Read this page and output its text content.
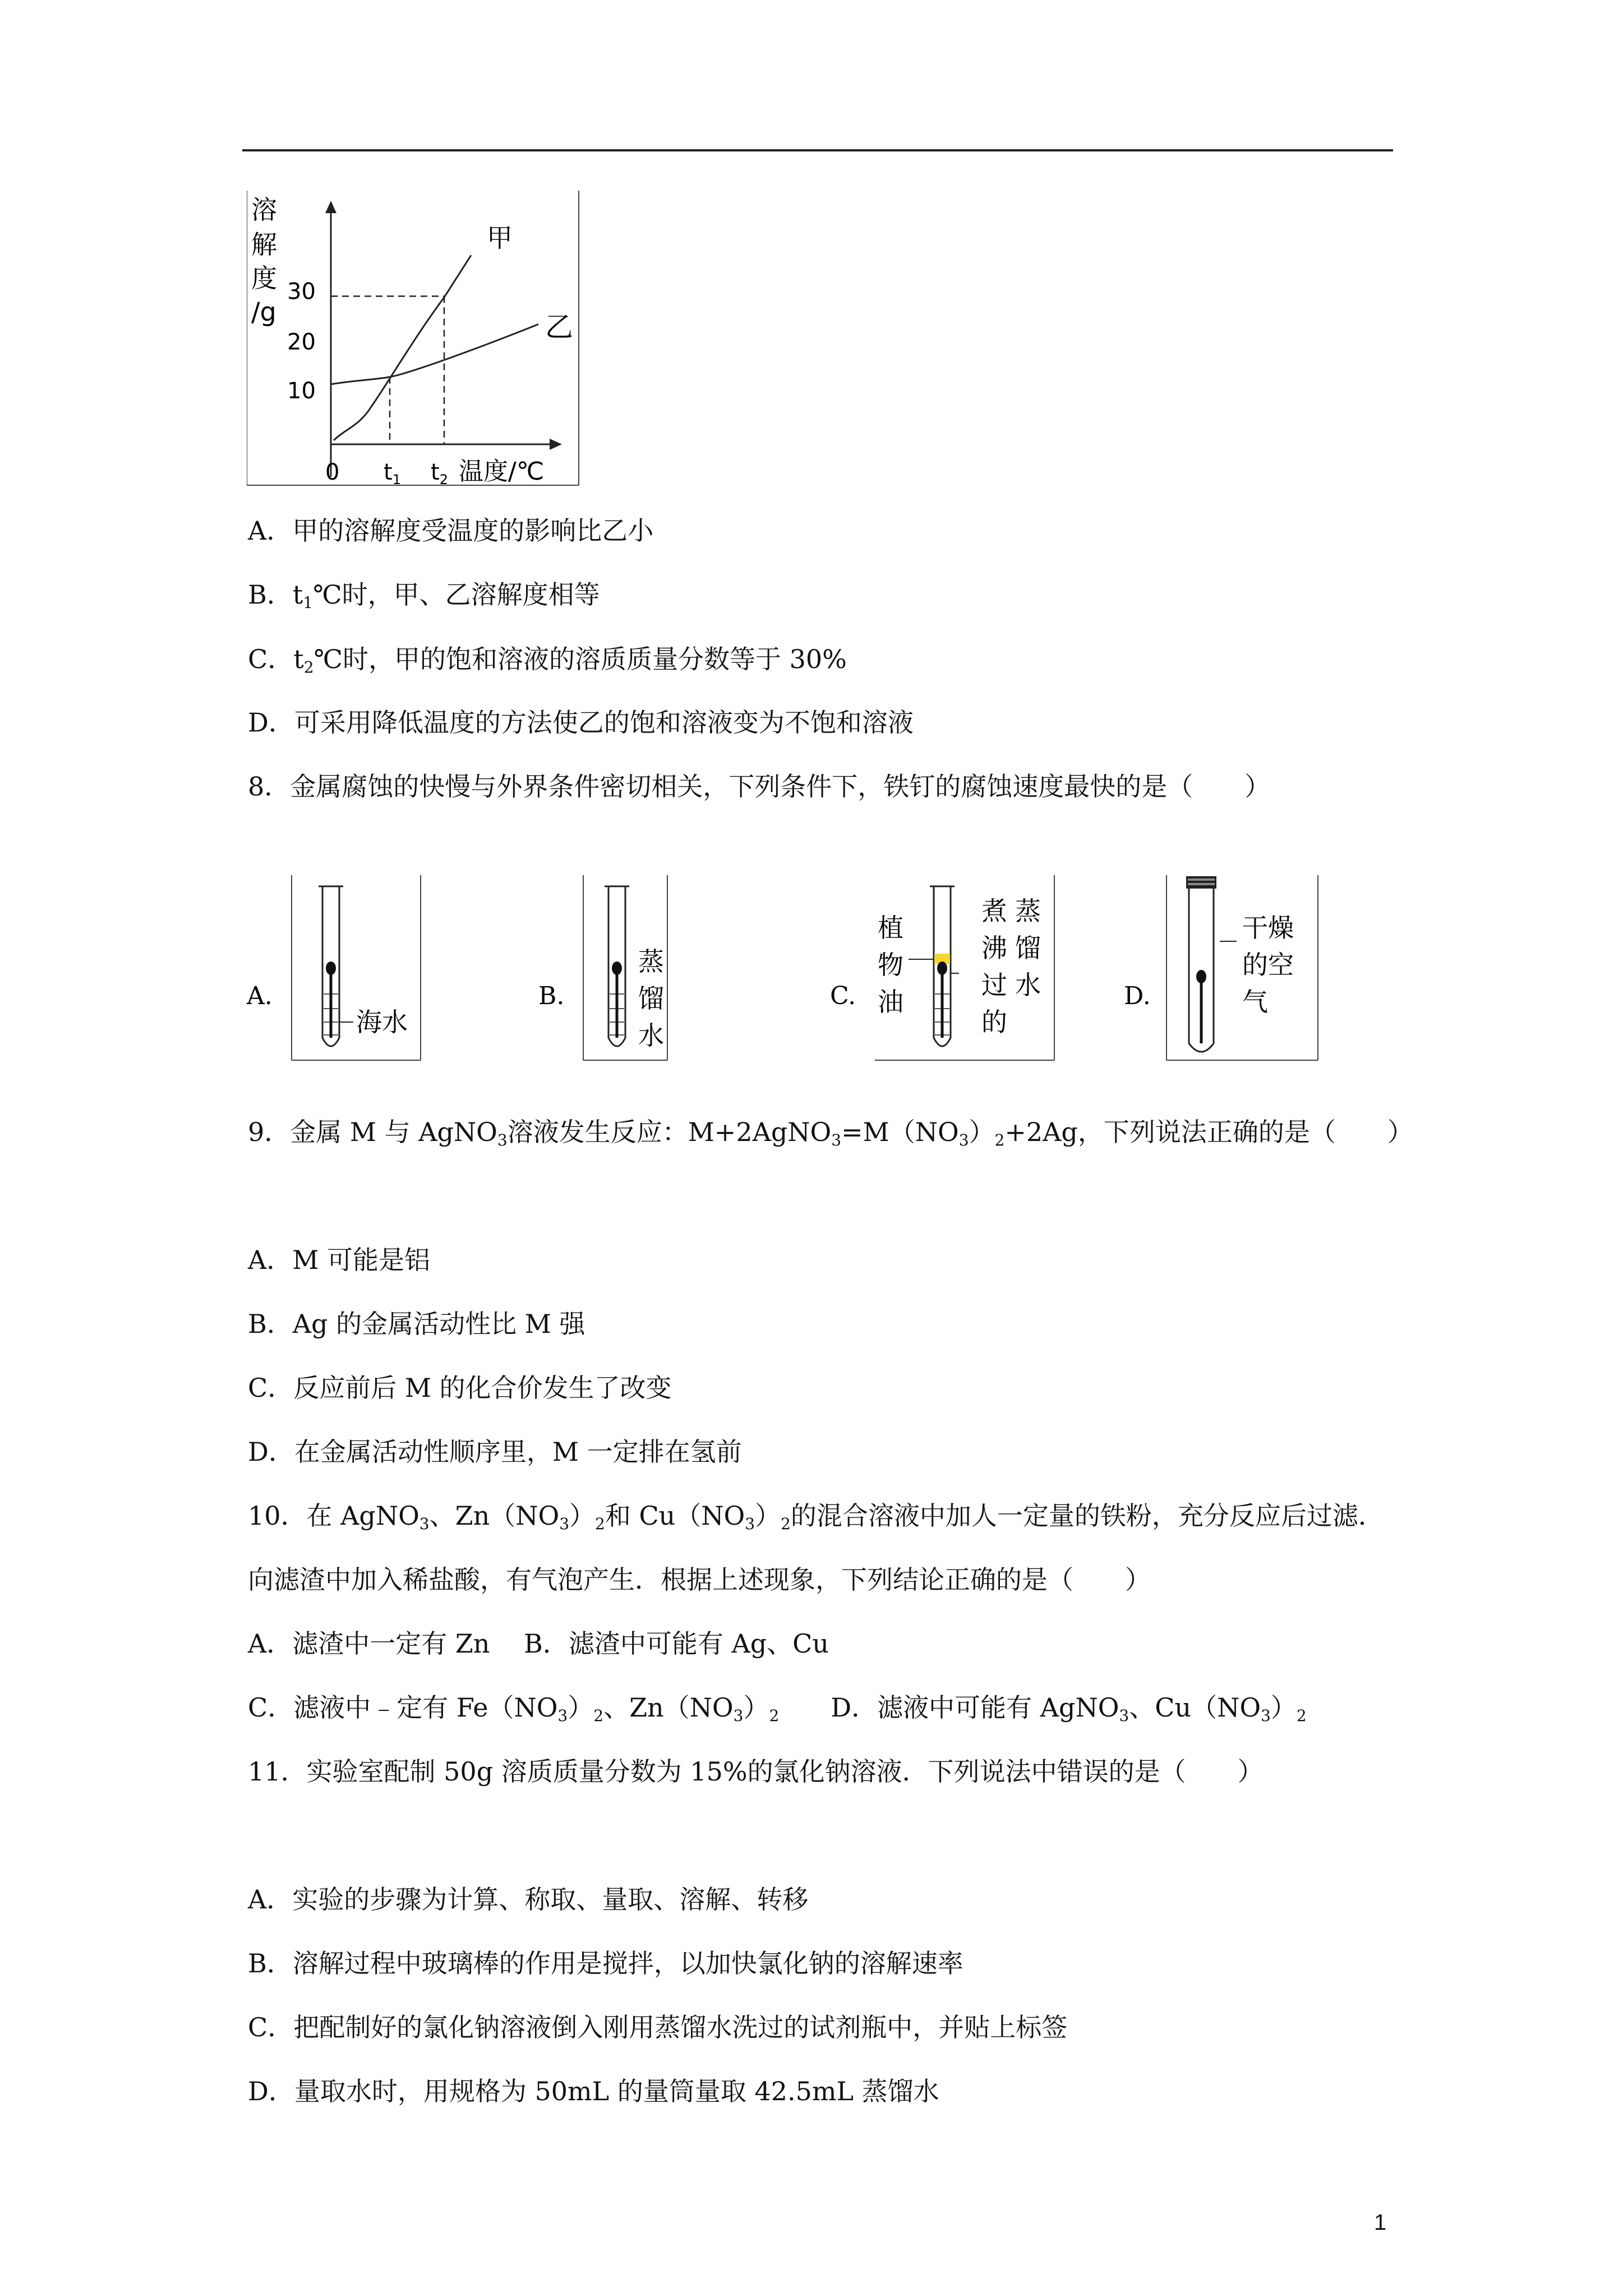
溶
解
度
/g
30
20
10
甲
乙
0 $t_1$ $t_2$ 温度/℃
A．甲的溶解度受温度的影响比乙小
B．$t_1℃$时，甲、乙溶解度相等
C．$t_2℃$时，甲的饱和溶液的溶质质量分数等于 30%
D．可采用降低温度的方法使乙的饱和溶液变为不饱和溶液
8．金属腐蚀的快慢与外界条件密切相关，下列条件下，铁钉的腐蚀速度最快的是（　　）
A.
海水
B.
蒸
馏
水
C.
植
物
油
煮
沸
过
的
蒸
馏
水	D.
干燥
的空
气
9．金属 M 与 AgNO$_3$溶液发生反应：$M+2AgNO_3=M(NO_3)_2+2Ag$，下列说法正确的是（　　）
A．M 可能是铝
B．Ag 的金属活动性比 M 强
C．反应前后 M 的化合价发生了改变
D．在金属活动性顺序里，M 一定排在氢前
10．在 AgNO$_3$、$Zn(NO_3)_2$和 $Cu(NO_3)_2$的混合溶液中加人一定量的铁粉，充分反应后过滤．
向滤渣中加入稀盐酸，有气泡产生．根据上述现象，下列结论正确的是（　　）
A．滤渣中一定有 Zn　 B．滤渣中可能有 Ag、Cu
C．滤液中﹣定有 $Fe(NO_3)_2$、$Zn(NO_3)_2$　　D．滤液中可能有 AgNO$_3$、$Cu(NO_3)_2$
11．实验室配制 50g 溶质质量分数为 15%的氯化钠溶液．下列说法中错误的是（　　）
A．实验的步骤为计算、称取、量取、溶解、转移
B．溶解过程中玻璃棒的作用是搅拌，以加快氯化钠的溶解速率
C．把配制好的氯化钠溶液倒入刚用蒸馏水洗过的试剂瓶中，并贴上标签
D．量取水时，用规格为 50mL 的量筒量取 42.5mL 蒸馏水
1
